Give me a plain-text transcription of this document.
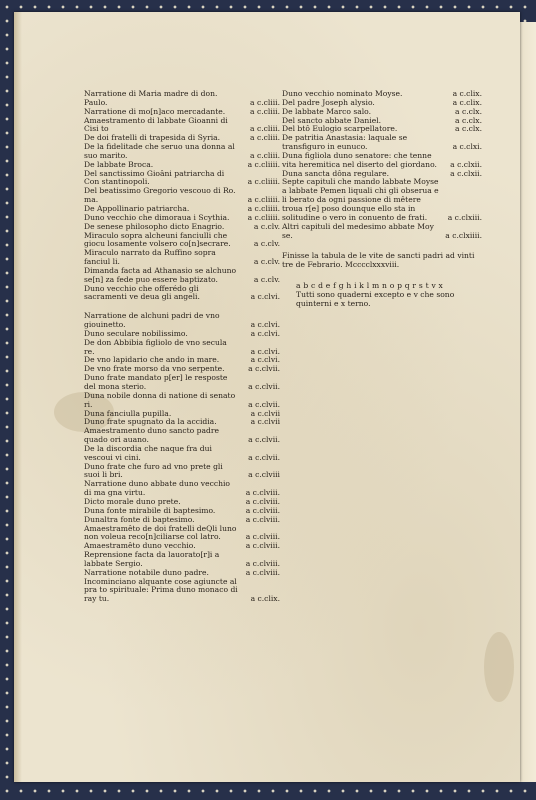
Narratione di Maria madre di don. Paulo.	a c.cliii.
Narratione di mo[n]aco mercadante.	a c.cliii.
Amaestramento di labbate Gioanni di Cisi to	a c.cliii.
De doi fratelli di trapesida di Syria.	a c.cliii.
De la fidelitade che seruo una donna al suo marito.	a c.cliii.
De labbate Broca.	a c.cliiii.
Del sanctissimo Gioâni patriarcha di Con stantinopoli.	a c.cliiii.
Del beatissimo Gregorio vescouo di Ro. ma.	a c.cliiii.
De Appollinario patriarcha.	a c.cliiii.
Duno vecchio che dimoraua i Scythia.	a c.cliiii.
De senese philosopho dicto Enagrio.	a c.clv.
Miraculo sopra alcheuni fanciulli che giocu losamente volsero co[n]secrare.	a c.clv.
Miraculo narrato da Ruffino sopra fanciul li.	a c.clv.
Dimanda facta ad Athanasio se alchuno se[n] za fede puo essere baptizato.	a c.clv.
Duno vecchio che offerédo gli sacramenti ve deua gli angeli.	a c.clvi.
Narratione de alchuni padri de vno giouinetto.	a c.clvi.
Duno seculare nobilissimo.	a c.clvi.
De don Abbibia figliolo de vno secula re.	a c.clvi.
De vno lapidario che ando in mare.	a c.clvi.
De vno frate morso da vno serpente.	a c.clvii.
Duno frate mandato p[er] le resposte del mona sterio.	a c.clvii.
Duna nobile donna di natione di senato ri.	a c.clvii.
Duna fanciulla pupilla.	a c.clvii
Duno frate spugnato da la accidia.	a c.clvii
Amaestramento duno sancto padre quado ori auano.	a c.clvii.
De la discordia che naque fra dui vescoui vi cini.	a c.clvii.
Duno frate che furo ad vno prete gli suoi li bri.	a c.clviii
Narratione duno abbate duno vecchio di ma gna virtu.	a c.clviii.
Dicto morale duno prete.	a c.clviii.
Duna fonte mirabile di baptesimo.	a c.clviii.
Dunaltra fonte di baptesimo.	a c.clviii.
Amaestramêto de doi fratelli deQli luno non voleua reco[n]ciliarse col latro.	a c.clviii.
Amaestramêto duno vecchio.	a c.clviii.
Reprensione facta da lauorato[r]i a labbate Sergio.	a c.clviii.
Narratione notabile duno padre.	a c.clviii.
Incominciano alquante cose agiuncte al pra to spirituale: Prima duno monaco di ray tu.	a c.clix.
Duno vecchio nominato Moyse.	a c.clix.
Del padre Joseph alysio.	a c.clix.
De labbate Marco salo.	a c.clx.
Del sancto abbate Daniel.	a c.clx.
Del btô Eulogio scarpellatore.	a c.clx.
De patritia Anastasia: laquale se transfiguro in eunuco.	a c.clxi.
Duna figliola duno senatore: che tenne vita heremitica nel diserto del giordano.	a c.clxii.
Duna sancta dôna regulare.	a c.clxii.
Septe capituli che mando labbate Moyse a labbate Pemen liquali chi gli obserua e li berato da ogni passione di mêtere troua r[e] poso dounque ello sta in solitudine o vero in conuento de frati.	a c.clxiii.
Altri capituli del medesimo abbate Moy se.	a c.clxiiii.
Finisse la tabula de le vite de sancti padri ad vinti tre de Febrario. Mcccclxxxviii.
a b c d e f g h i k l m n o p q r s t v x
Tutti sono quaderni excepto e v che sono quinterni e x terno.
